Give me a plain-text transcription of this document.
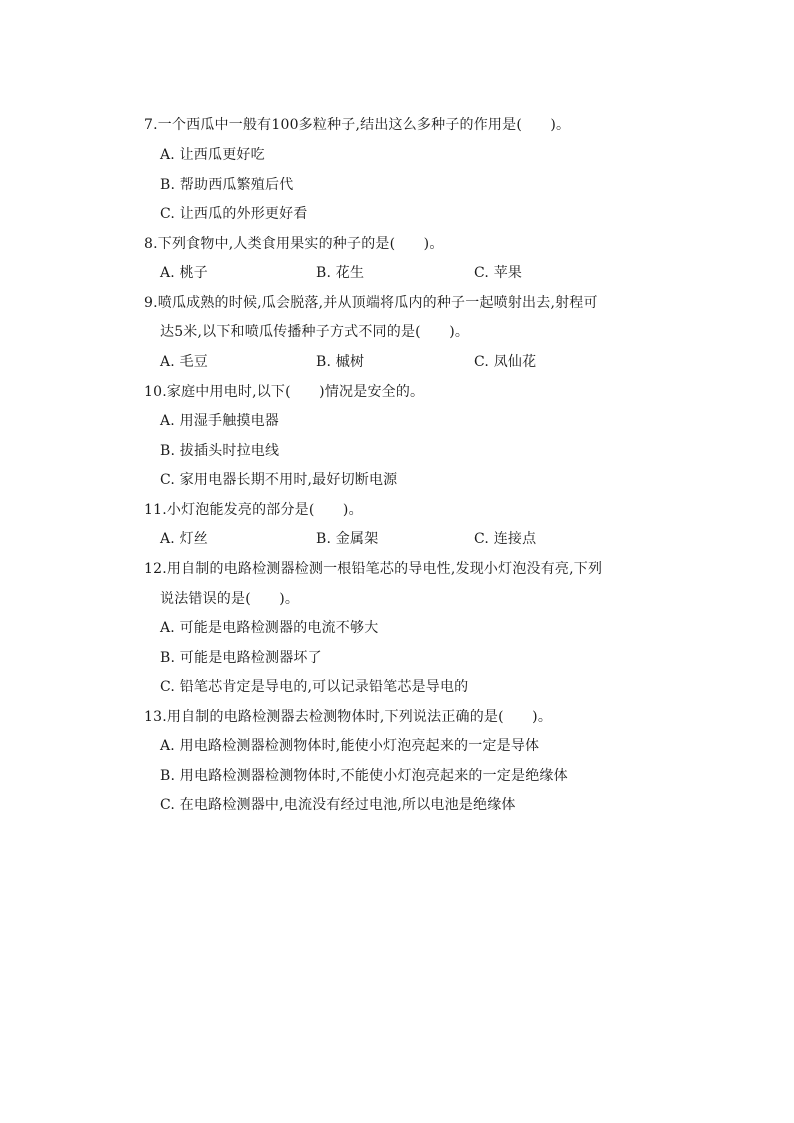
7.一个西瓜中一般有100多粒种子,结出这么多种子的作用是(　　)。
A. 让西瓜更好吃
B. 帮助西瓜繁殖后代
C. 让西瓜的外形更好看
8.下列食物中,人类食用果实的种子的是(　　)。
A. 桃子	B. 花生	C. 苹果
9.喷瓜成熟的时候,瓜会脱落,并从顶端将瓜内的种子一起喷射出去,射程可
达5米,以下和喷瓜传播种子方式不同的是(　　)。
A. 毛豆	B. 槭树	C. 凤仙花
10.家庭中用电时,以下(　　)情况是安全的。
A. 用湿手触摸电器
B. 拔插头时拉电线
C. 家用电器长期不用时,最好切断电源
11.小灯泡能发亮的部分是(　　)。
A. 灯丝	B. 金属架	C. 连接点
12.用自制的电路检测器检测一根铅笔芯的导电性,发现小灯泡没有亮,下列
说法错误的是(　　)。
A. 可能是电路检测器的电流不够大
B. 可能是电路检测器坏了
C. 铅笔芯肯定是导电的,可以记录铅笔芯是导电的
13.用自制的电路检测器去检测物体时,下列说法正确的是(　　)。
A. 用电路检测器检测物体时,能使小灯泡亮起来的一定是导体
B. 用电路检测器检测物体时,不能使小灯泡亮起来的一定是绝缘体
C. 在电路检测器中,电流没有经过电池,所以电池是绝缘体
